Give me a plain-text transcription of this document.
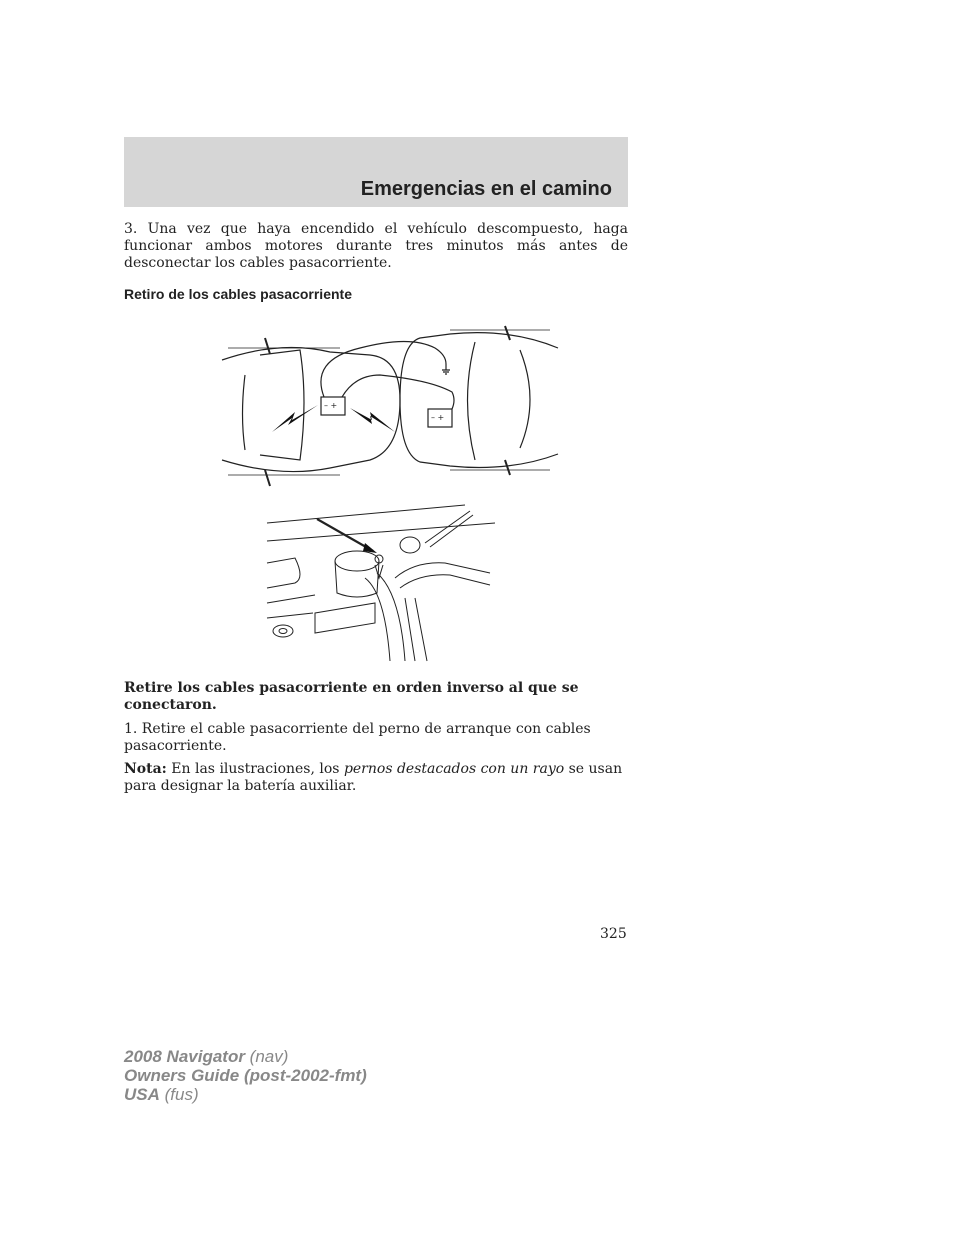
Emergencias en el camino

3. Una vez que haya encendido el vehículo descompuesto, haga funcionar ambos motores durante tres minutos más antes de desconectar los cables pasacorriente.

Retiro de los cables pasacorriente
– +
– +

Retire los cables pasacorriente en orden inverso al que se conectaron.

1. Retire el cable pasacorriente del perno de arranque con cables pasacorriente.

Nota: En las ilustraciones, los pernos destacados con un rayo se usan para designar la batería auxiliar.

325
2008 Navigator (nav)
Owners Guide (post-2002-fmt)
USA (fus)
